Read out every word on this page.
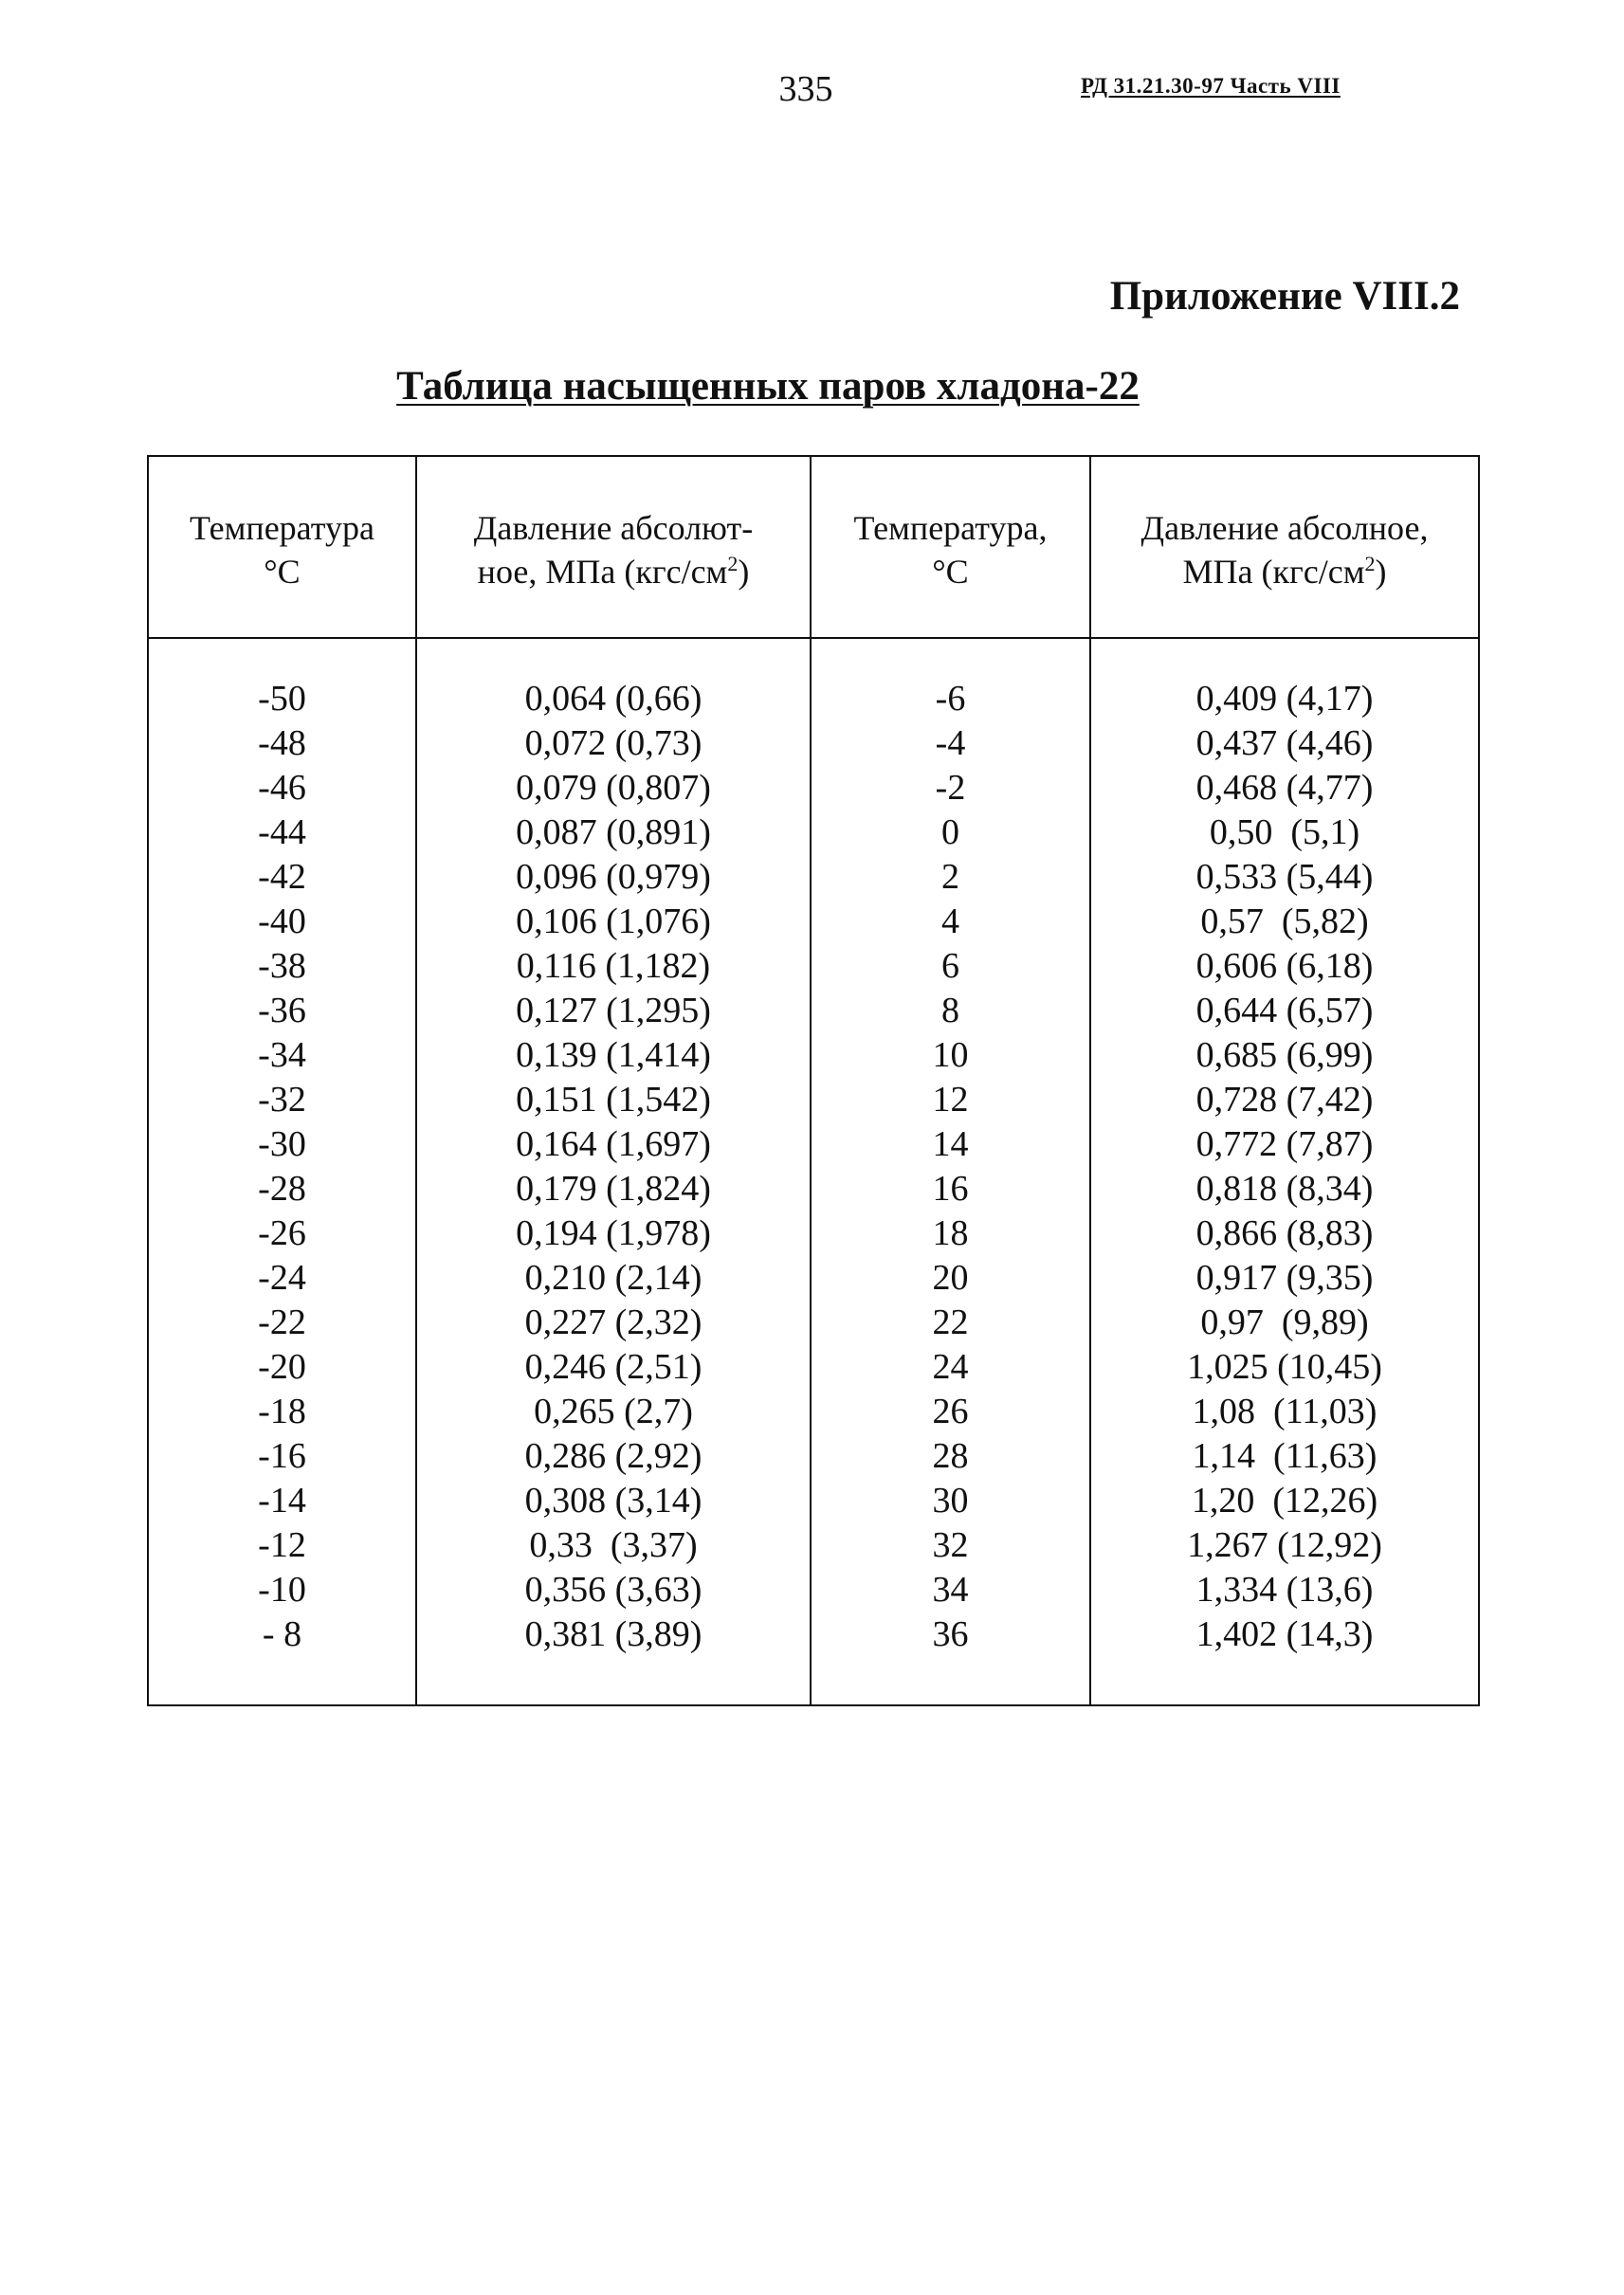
335	РД 31.21.30-97 Часть VIII
Приложение VIII.2
Таблица насыщенных паров хладона-22
Температура
°C
Давление абсолют-
ное, МПа $(кгс/см^2)$
Температура,
°C
Давление абсолное,
МПа $(кгс/см^2)$
-50
-48
-46
-44
-42
-40
-38
-36
-34
-32
-30
-28
-26
-24
-22
-20
-18
-16
-14
-12
-10
- 8
0,064 (0,66)
0,072 (0,73)
0,079 (0,807)
0,087 (0,891)
0,096 (0,979)
0,106 (1,076)
0,116 (1,182)
0,127 (1,295)
0,139 (1,414)
0,151 (1,542)
0,164 (1,697)
0,179 (1,824)
0,194 (1,978)
0,210 (2,14)
0,227 (2,32)
0,246 (2,51)
0,265 (2,7)
0,286 (2,92)
0,308 (3,14)
0,33  (3,37)
0,356 (3,63)
0,381 (3,89)
-6
-4
-2
0
2
4
6
8
10
12
14
16
18
20
22
24
26
28
30
32
34
36
0,409 (4,17)
0,437 (4,46)
0,468 (4,77)
0,50  (5,1)
0,533 (5,44)
0,57  (5,82)
0,606 (6,18)
0,644 (6,57)
0,685 (6,99)
0,728 (7,42)
0,772 (7,87)
0,818 (8,34)
0,866 (8,83)
0,917 (9,35)
0,97  (9,89)
1,025 (10,45)
1,08  (11,03)
1,14  (11,63)
1,20  (12,26)
1,267 (12,92)
1,334 (13,6)
1,402 (14,3)
